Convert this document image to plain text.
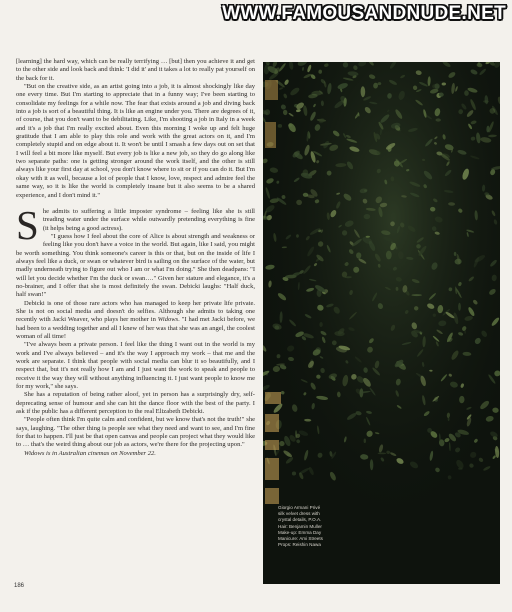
WWW.FAMOUSANDNUDE.NET

[learning] the hard way, which can be really terrifying … [but] then you achieve it and get to the other side and look back and think: 'I did it' and it takes a lot to really pat yourself on the back for it.

"But on the creative side, as an artist going into a job, it is almost shockingly like day one every time. But I'm starting to appreciate that in a funny way; I've been starting to consolidate my feelings for a while now. The fear that exists around a job and diving back into a job is sort of a beautiful thing. It is like an engine under you. There are degrees of it, of course, that you don't want to be debilitating. Like, I'm shooting a job in Italy in a week and it's a job that I'm really excited about. Even this morning I woke up and felt huge gratitude that I am able to play this role and work with the great actors on it, and I'm completely stupid and on edge about it. It won't be until I smash a few days out on set that I will feel a bit more like myself. But every job is like a new job, so they do go along like two separate paths: one is getting stronger around the work itself, and the other is still always like your first day at school, you don't know where to sit or if you can do it. But I'm okay with it as well, because a lot of people that I know, love, respect and admire feel the same way, so it is like the world is completely insane but it also seems to be a shared experience, and I don't mind it."

She admits to suffering a little imposter syndrome – feeling like she is still treading water under the surface while outwardly pretending everything is fine (it helps being a good actress).

"I guess how I feel about the core of Alice is about strength and weakness or feeling like you don't have a voice in the world. But again, like I said, you might be worth something. You think someone's career is this or that, but on the inside of life I always feel like a duck, or swan or whatever bird is sailing on the surface of the water, but madly underneath trying to figure out who I am or what I'm doing." She then deadpans: "I will let you decide whether I'm the duck or swan…." Given her stature and elegance, it's a no-brainer, and I offer that she is most definitely the swan. Debicki laughs: "Half duck, half swan!"

Debicki is one of those rare actors who has managed to keep her private life private. She is not on social media and doesn't do selfies. Although she admits to taking one recently with Jacki Weaver, who plays her mother in Widows. "I had met Jacki before, we had been to a wedding together and all I knew of her was that she was an angel, the coolest woman of all time!

"I've always been a private person. I feel like the thing I want out in the world is my work and I've always believed – and it's the way I approach my work – that me and the work are separate. I think that people with social media can blur it so beautifully, and I respect that, but it's not really how I am and I just want the work to speak and people to receive it the way they will without anything influencing it. I just want people to know me for my work," she says.

She has a reputation of being rather aloof, yet in person has a surprisingly dry, self-deprecating sense of humour and she can hit the dance floor with the best of the party. I ask if the public has a different perception to the real Elizabeth Debicki.

"People often think I'm quite calm and confident, but we know that's not the truth!" she says, laughing. "The other thing is people see what they need and want to see, and I'm fine for that to happen. I'll just be that open canvas and people can project what they would like to … that's the weird thing about our job as actors, we're there for the projecting upon."

Widows is in Australian cinemas on November 22.

186
Giorgio Armani Privé
silk velvet dress with
crystal details, P.O.A.
Hair: Benjamin Muller
Make-up: Emma Day
Manicure: Ami Streets
Props: Reishin Nawa
